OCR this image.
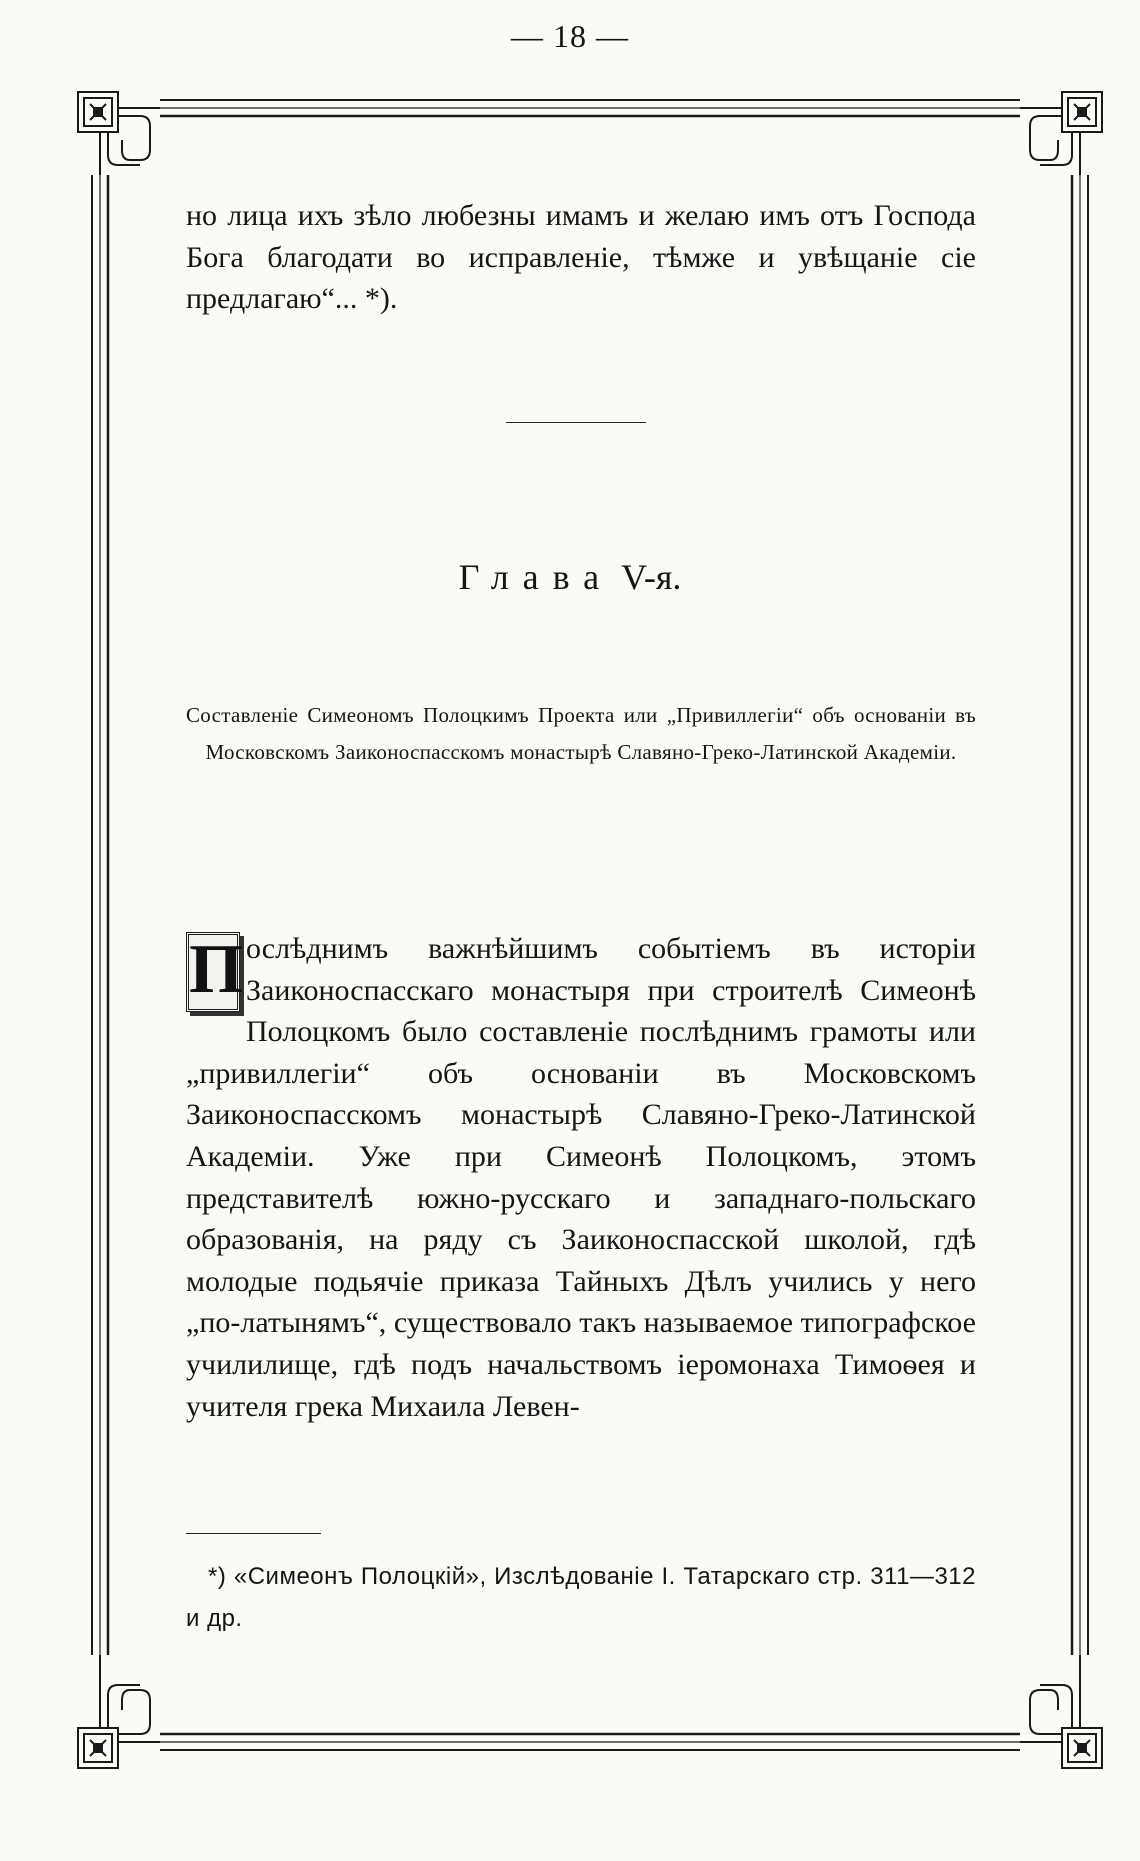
— 18 —

но лица ихъ зѣло любезны имамъ и желаю имъ отъ Господа Бога благодати во исправленіе, тѣмже и увѣщаніе сіе предлагаю“... *).

Глава V-я.
Составленіе Симеономъ Полоцкимъ Проекта или „Привиллегіи“ объ основаніи въ Московскомъ Заиконоспасскомъ монастырѣ Славяно-Греко-Латинской Академіи.

П ослѣднимъ важнѣйшимъ событіемъ въ исторіи Заиконоспасскаго монастыря при строителѣ Симеонѣ Полоцкомъ было составленіе послѣднимъ грамоты или „привиллегіи“ объ основаніи въ Московскомъ Заиконоспасскомъ монастырѣ Славяно-Греко-Латинской Академіи. Уже при Симеонѣ Полоцкомъ, этомъ представителѣ южно-русскаго и западнаго-польскаго образованія, на ряду съ Заиконоспасской школой, гдѣ молодые подьячіе приказа Тайныхъ Дѣлъ учились у него „по-латынямъ“, существовало такъ называемое типографское училилище, гдѣ подъ начальствомъ іеромонаха Тимоѳея и учителя грека Михаила Левен-

*) «Симеонъ Полоцкій», Изслѣдованіе I. Татарскаго стр. 311—312 и др.
